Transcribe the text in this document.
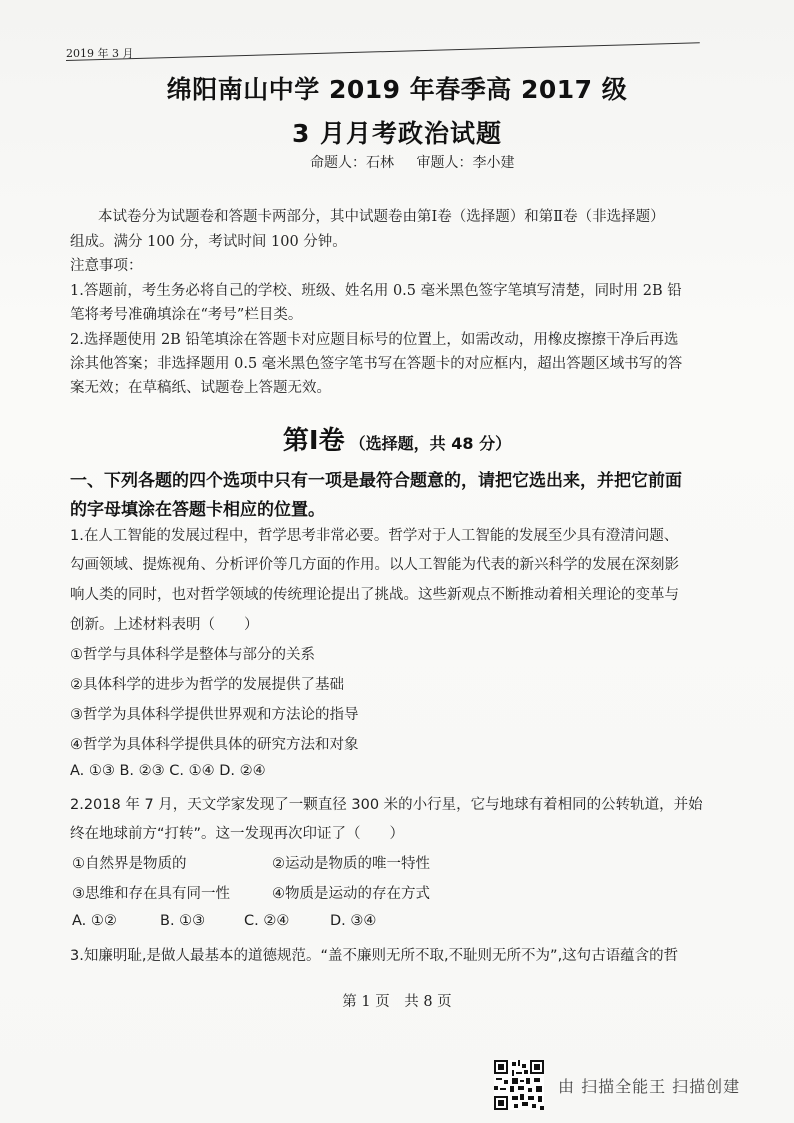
2019 年 3 月
绵阳南山中学 2019 年春季高 2017 级
3 月月考政治试题
命题人：石林 审题人：李小建
本试卷分为试题卷和答题卡两部分，其中试题卷由第Ⅰ卷（选择题）和第Ⅱ卷（非选择题）
组成。满分 100 分，考试时间 100 分钟。
注意事项：
1.答题前，考生务必将自己的学校、班级、姓名用 0.5 毫米黑色签字笔填写清楚，同时用 2B 铅
笔将考号准确填涂在“考号”栏目类。
2.选择题使用 2B 铅笔填涂在答题卡对应题目标号的位置上，如需改动，用橡皮擦擦干净后再选
涂其他答案；非选择题用 0.5 毫米黑色签字笔书写在答题卡的对应框内，超出答题区域书写的答
案无效；在草稿纸、试题卷上答题无效。
第Ⅰ卷 （选择题，共 48 分）
一、下列各题的四个选项中只有一项是最符合题意的，请把它选出来，并把它前面
的字母填涂在答题卡相应的位置。
1.在人工智能的发展过程中，哲学思考非常必要。哲学对于人工智能的发展至少具有澄清问题、
勾画领域、提炼视角、分析评价等几方面的作用。以人工智能为代表的新兴科学的发展在深刻影
响人类的同时，也对哲学领域的传统理论提出了挑战。这些新观点不断推动着相关理论的变革与
创新。上述材料表明（　　）
①哲学与具体科学是整体与部分的关系
②具体科学的进步为哲学的发展提供了基础
③哲学为具体科学提供世界观和方法论的指导
④哲学为具体科学提供具体的研究方法和对象
A. ①③ B. ②③ C. ①④ D. ②④
2.2018 年 7 月，天文学家发现了一颗直径 300 米的小行星，它与地球有着相同的公转轨道，并始
终在地球前方“打转”。这一发现再次印证了（　　）
①自然界是物质的	②运动是物质的唯一特性
③思维和存在具有同一性	④物质是运动的存在方式
A. ①②	B. ①③	C. ②④	D. ③④
3.知廉明耻,是做人最基本的道德规范。“盖不廉则无所不取,不耻则无所不为”,这句古语蕴含的哲
第 1 页　共 8 页
由 扫描全能王 扫描创建
